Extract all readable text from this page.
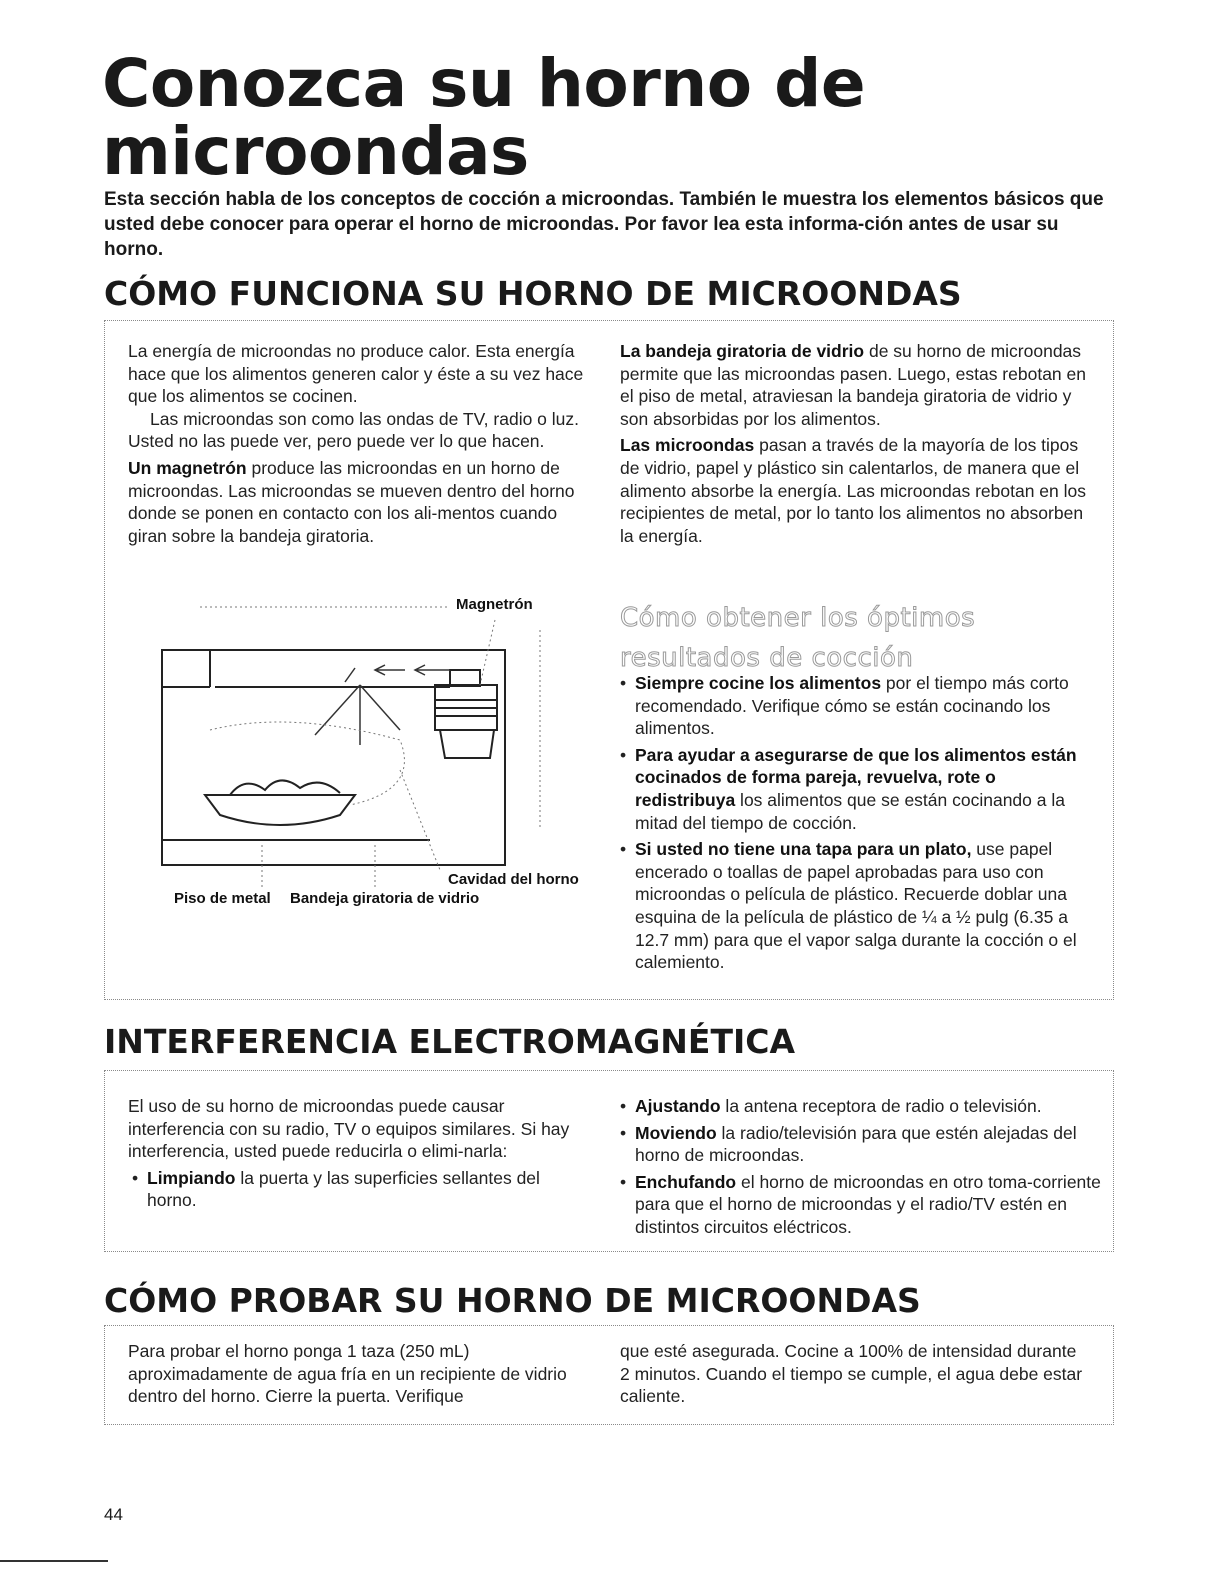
Conozca su horno de microondas

Esta sección habla de los conceptos de cocción a microondas. También le muestra los elementos básicos que usted debe conocer para operar el horno de microondas. Por favor lea esta informa-ción antes de usar su horno.

CÓMO FUNCIONA SU HORNO DE MICROONDAS

La energía de microondas no produce calor. Esta energía hace que los alimentos generen calor y éste a su vez hace que los alimentos se cocinen.

Las microondas son como las ondas de TV, radio o luz. Usted no las puede ver, pero puede ver lo que hacen.

Un magnetrón produce las microondas en un horno de microondas. Las microondas se mueven dentro del horno donde se ponen en contacto con los ali-mentos cuando giran sobre la bandeja giratoria.

Magnetrón
Cavidad del horno
Piso de metal Bandeja giratoria de vidrio

La bandeja giratoria de vidrio de su horno de microondas permite que las microondas pasen. Luego, estas rebotan en el piso de metal, atraviesan la bandeja giratoria de vidrio y son absorbidas por los alimentos.

Las microondas pasan a través de la mayoría de los tipos de vidrio, papel y plástico sin calentarlos, de manera que el alimento absorbe la energía. Las microondas rebotan en los recipientes de metal, por lo tanto los alimentos no absorben la energía.

Cómo obtener los óptimos resultados de cocción
• Siempre cocine los alimentos por el tiempo más corto recomendado. Verifique cómo se están cocinando los alimentos.
• Para ayudar a asegurarse de que los alimentos están cocinados de forma pareja, revuelva, rote o redistribuya los alimentos que se están cocinando a la mitad del tiempo de cocción.
• Si usted no tiene una tapa para un plato, use papel encerado o toallas de papel aprobadas para uso con microondas o película de plástico. Recuerde doblar una esquina de la película de plástico de ¼ a ½ pulg (6.35 a 12.7 mm) para que el vapor salga durante la cocción o el calemiento.
INTERFERENCIA ELECTROMAGNÉTICA

El uso de su horno de microondas puede causar interferencia con su radio, TV o equipos similares. Si hay interferencia, usted puede reducirla o elimi-narla:

• Limpiando la puerta y las superficies sellantes del horno.
• Ajustando la antena receptora de radio o televisión.
• Moviendo la radio/televisión para que estén alejadas del horno de microondas.
• Enchufando el horno de microondas en otro toma-corriente para que el horno de microondas y el radio/TV estén en distintos circuitos eléctricos.
CÓMO PROBAR SU HORNO DE MICROONDAS

Para probar el horno ponga 1 taza (250 mL) aproximadamente de agua fría en un recipiente de vidrio dentro del horno. Cierre la puerta. Verifique

que esté asegurada. Cocine a 100% de intensidad durante 2 minutos. Cuando el tiempo se cumple, el agua debe estar caliente.

44
